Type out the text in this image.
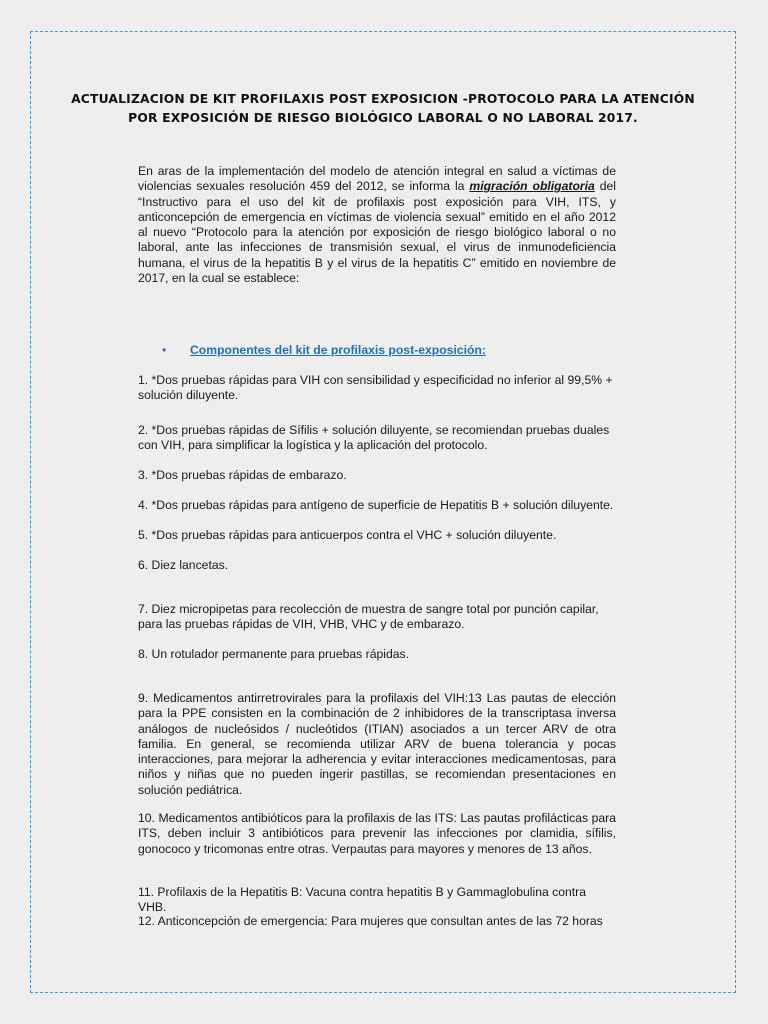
ACTUALIZACION DE KIT PROFILAXIS POST EXPOSICION -PROTOCOLO PARA LA ATENCIÓN POR EXPOSICIÓN DE RIESGO BIOLÓGICO LABORAL O NO LABORAL 2017.

En aras de la implementación del modelo de atención integral en salud a víctimas de violencias sexuales resolución 459 del 2012, se informa la migración obligatoria del “Instructivo para el uso del kit de profilaxis post exposición para VIH, ITS, y anticoncepción de emergencia en víctimas de violencia sexual” emitido en el año 2012 al nuevo “Protocolo para la atención por exposición de riesgo biológico laboral o no laboral, ante las infecciones de transmisión sexual, el virus de inmunodeficiencia humana, el virus de la hepatitis B y el virus de la hepatitis C” emitido en noviembre de 2017, en la cual se establece:

• Componentes del kit de profilaxis post-exposición:

1. *Dos pruebas rápidas para VIH con sensibilidad y especificidad no inferior al 99,5% + solución diluyente.

2. *Dos pruebas rápidas de Sífilis + solución diluyente, se recomiendan pruebas duales con VIH, para simplificar la logística y la aplicación del protocolo.

3. *Dos pruebas rápidas de embarazo.

4. *Dos pruebas rápidas para antígeno de superficie de Hepatitis B + solución diluyente.

5. *Dos pruebas rápidas para anticuerpos contra el VHC + solución diluyente.

6. Diez lancetas.

7. Diez micropipetas para recolección de muestra de sangre total por punción capilar, para las pruebas rápidas de VIH, VHB, VHC y de embarazo.

8. Un rotulador permanente para pruebas rápidas.

9. Medicamentos antirretrovirales para la profilaxis del VIH:13 Las pautas de elección para la PPE consisten en la combinación de 2 inhibidores de la transcriptasa inversa análogos de nucleósidos / nucleótidos (ITIAN) asociados a un tercer ARV de otra familia. En general, se recomienda utilizar ARV de buena tolerancia y pocas interacciones, para mejorar la adherencia y evitar interacciones medicamentosas, para niños y niñas que no pueden ingerir pastillas, se recomiendan presentaciones en solución pediátrica.

10. Medicamentos antibióticos para la profilaxis de las ITS: Las pautas profilácticas para ITS, deben incluir 3 antibióticos para prevenir las infecciones por clamidia, sífilis, gonococo y tricomonas entre otras. Verpautas para mayores y menores de 13 años.

11. Profilaxis de la Hepatitis B: Vacuna contra hepatitis B y Gammaglobulina contra VHB.

12. Anticoncepción de emergencia: Para mujeres que consultan antes de las 72 horas
